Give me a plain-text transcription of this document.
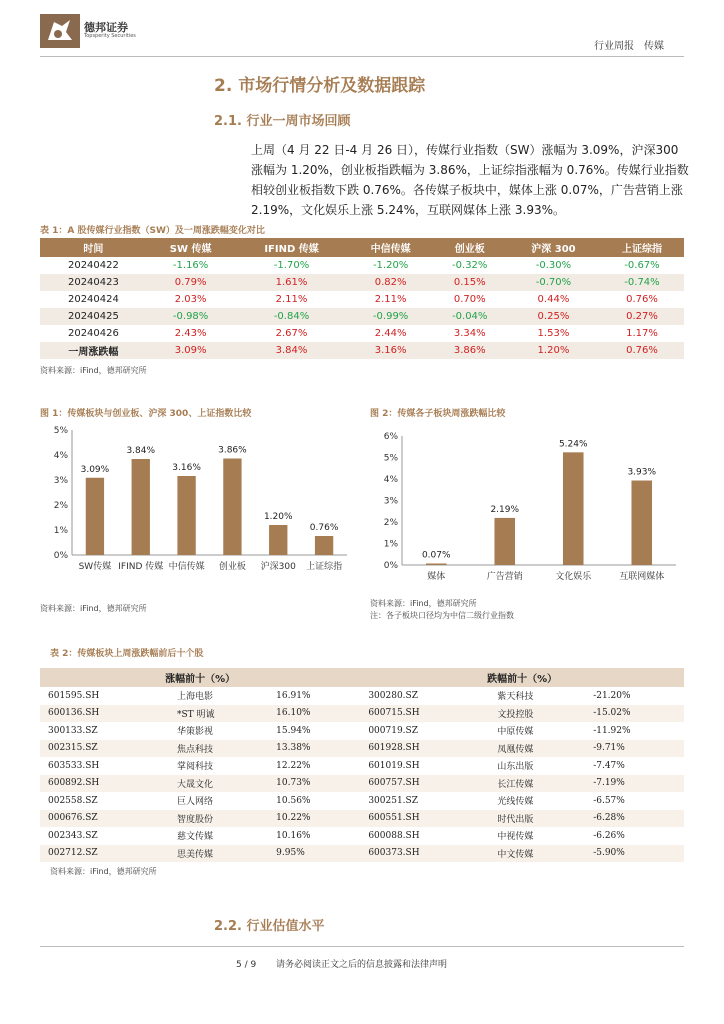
德邦证券
Topsperity Securities
行业周报　传媒
2. 市场行情分析及数据跟踪
2.1. 行业一周市场回顾
上周（4 月 22 日-4 月 26 日），传媒行业指数（SW）涨幅为 3.09%，沪深300 涨幅为 1.20%，创业板指跌幅为 3.86%，上证综指涨幅为 0.76%。传媒行业指数相较创业板指数下跌 0.76%。各传媒子板块中，媒体上涨 0.07%，广告营销上涨 2.19%，文化娱乐上涨 5.24%，互联网媒体上涨 3.93%。
表 1：A 股传媒行业指数（SW）及一周涨跌幅变化对比
时间	SW 传媒	IFIND 传媒	中信传媒	创业板	沪深 300	上证综指
20240422	-1.16%	-1.70%	-1.20%	-0.32%	-0.30%	-0.67%
20240423	0.79%	1.61%	0.82%	0.15%	-0.70%	-0.74%
20240424	2.03%	2.11%	2.11%	0.70%	0.44%	0.76%
20240425	-0.98%	-0.84%	-0.99%	-0.04%	0.25%	0.27%
20240426	2.43%	2.67%	2.44%	3.34%	1.53%	1.17%
一周涨跌幅	3.09%	3.84%	3.16%	3.86%	1.20%	0.76%
资料来源：iFind，德邦研究所
图 1：传媒板块与创业板、沪深 300、上证指数比较
0%
1%
2%
3%
4%
5%
3.09%
SW传媒
3.84%
IFIND 传媒
3.16%
中信传媒
3.86%
创业板
1.20%
沪深300
0.76%
上证综指
资料来源：iFind，德邦研究所
图 2：传媒各子板块周涨跌幅比较
0%
1%
2%
3%
4%
5%
6%
0.07%
媒体
2.19%
广告营销
5.24%
文化娱乐
3.93%
互联网媒体
资料来源：iFind，德邦研究所
注：各子板块口径均为中信二级行业指数
表 2：传媒板块上周涨跌幅前后十个股
涨幅前十（%）			跌幅前十（%）		
601595.SH	上海电影	16.91%	300280.SZ	紫天科技	-21.20%
600136.SH	*ST 明诚	16.10%	600715.SH	文投控股	-15.02%
300133.SZ	华策影视	15.94%	000719.SZ	中原传媒	-11.92%
002315.SZ	焦点科技	13.38%	601928.SH	凤凰传媒	-9.71%
603533.SH	掌阅科技	12.22%	601019.SH	山东出版	-7.47%
600892.SH	大晟文化	10.73%	600757.SH	长江传媒	-7.19%
002558.SZ	巨人网络	10.56%	300251.SZ	光线传媒	-6.57%
000676.SZ	智度股份	10.22%	600551.SH	时代出版	-6.28%
002343.SZ	慈文传媒	10.16%	600088.SH	中视传媒	-6.26%
002712.SZ	思美传媒	9.95%	600373.SH	中文传媒	-5.90%
资料来源：iFind，德邦研究所
2.2. 行业估值水平
5 / 9 请务必阅读正文之后的信息披露和法律声明
